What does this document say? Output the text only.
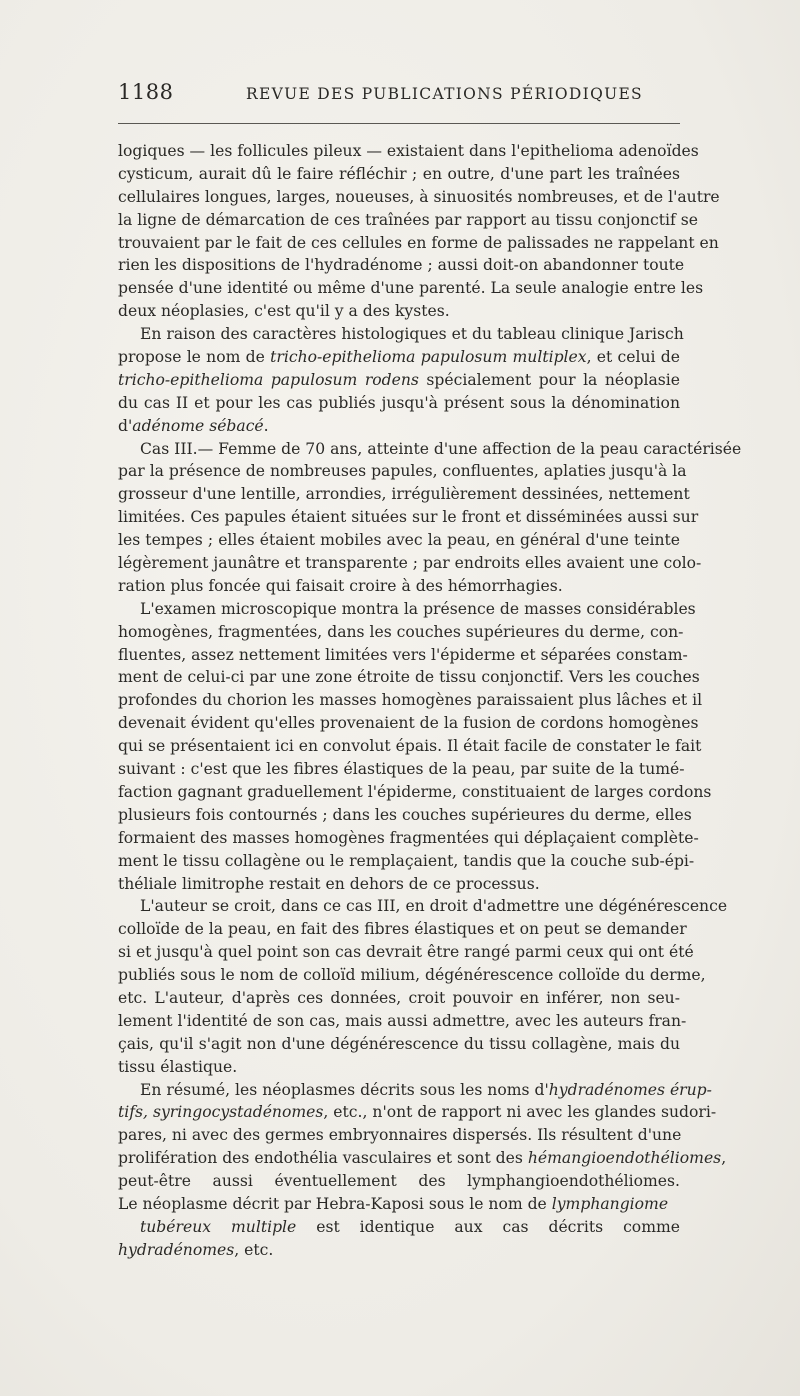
1188	REVUE DES PUBLICATIONS PÉRIODIQUES
logiques — les follicules pileux — existaient dans l'epithelioma adenoïdes
cysticum, aurait dû le faire réfléchir ; en outre, d'une part les traînées
cellulaires longues, larges, noueuses, à sinuosités nombreuses, et de l'autre
la ligne de démarcation de ces traînées par rapport au tissu conjonctif se
trouvaient par le fait de ces cellules en forme de palissades ne rappelant en
rien les dispositions de l'hydradénome ; aussi doit-on abandonner toute
pensée d'une identité ou même d'une parenté. La seule analogie entre les
deux néoplasies, c'est qu'il y a des kystes.
En raison des caractères histologiques et du tableau clinique Jarisch
propose le nom de tricho-epithelioma papulosum multiplex, et celui de
tricho-epithelioma papulosum rodens spécialement pour la néoplasie
du cas II et pour les cas publiés jusqu'à présent sous la dénomination
d'adénome sébacé.
Cas III.— Femme de 70 ans, atteinte d'une affection de la peau caractérisée
par la présence de nombreuses papules, confluentes, aplaties jusqu'à la
grosseur d'une lentille, arrondies, irrégulièrement dessinées, nettement
limitées. Ces papules étaient situées sur le front et disséminées aussi sur
les tempes ; elles étaient mobiles avec la peau, en général d'une teinte
légèrement jaunâtre et transparente ; par endroits elles avaient une colo-
ration plus foncée qui faisait croire à des hémorrhagies.
L'examen microscopique montra la présence de masses considérables
homogènes, fragmentées, dans les couches supérieures du derme, con-
fluentes, assez nettement limitées vers l'épiderme et séparées constam-
ment de celui-ci par une zone étroite de tissu conjonctif. Vers les couches
profondes du chorion les masses homogènes paraissaient plus lâches et il
devenait évident qu'elles provenaient de la fusion de cordons homogènes
qui se présentaient ici en convolut épais. Il était facile de constater le fait
suivant : c'est que les fibres élastiques de la peau, par suite de la tumé-
faction gagnant graduellement l'épiderme, constituaient de larges cordons
plusieurs fois contournés ; dans les couches supérieures du derme, elles
formaient des masses homogènes fragmentées qui déplaçaient complète-
ment le tissu collagène ou le remplaçaient, tandis que la couche sub-épi-
théliale limitrophe restait en dehors de ce processus.
L'auteur se croit, dans ce cas III, en droit d'admettre une dégénérescence
colloïde de la peau, en fait des fibres élastiques et on peut se demander
si et jusqu'à quel point son cas devrait être rangé parmi ceux qui ont été
publiés sous le nom de colloïd milium, dégénérescence colloïde du derme,
etc. L'auteur, d'après ces données, croit pouvoir en inférer, non seu-
lement l'identité de son cas, mais aussi admettre, avec les auteurs fran-
çais, qu'il s'agit non d'une dégénérescence du tissu collagène, mais du
tissu élastique.
En résumé, les néoplasmes décrits sous les noms d'hydradénomes érup-
tifs, syringocystadénomes, etc., n'ont de rapport ni avec les glandes sudori-
pares, ni avec des germes embryonnaires dispersés. Ils résultent d'une
prolifération des endothélia vasculaires et sont des hémangioendothéliomes,
peut-être aussi éventuellement des lymphangioendothéliomes.
Le néoplasme décrit par Hebra-Kaposi sous le nom de lymphangiome
tubéreux multiple est identique aux cas décrits comme
hydradénomes, etc.
